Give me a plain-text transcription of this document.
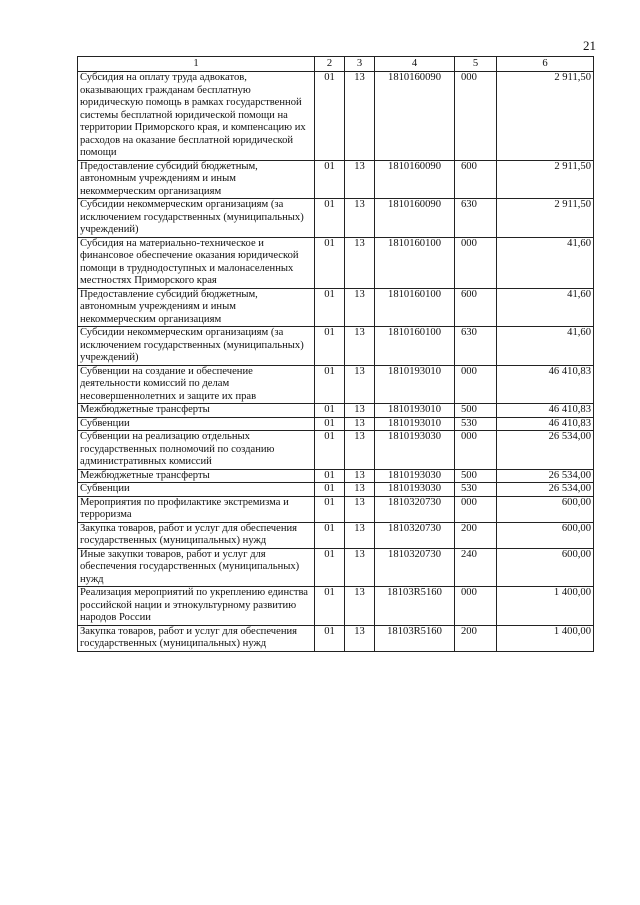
21
1	2	3	4	5	6
Субсидия на оплату труда адвокатов, оказывающих гражданам бесплатную юридическую помощь в рамках государственной системы бесплатной юридической помощи на территории Приморского края, и компенсацию их расходов на оказание бесплатной юридической помощи	01	13	1810160090	000	2 911,50
Предоставление субсидий бюджетным, автономным учреждениям и иным некоммерческим организациям	01	13	1810160090	600	2 911,50
Субсидии некоммерческим организациям (за исключением государственных (муниципальных) учреждений)	01	13	1810160090	630	2 911,50
Субсидия на материально-техническое и финансовое обеспечение оказания юридической помощи в труднодоступных и малонаселенных местностях Приморского края	01	13	1810160100	000	41,60
Предоставление субсидий бюджетным, автономным учреждениям и иным некоммерческим организациям	01	13	1810160100	600	41,60
Субсидии некоммерческим организациям (за исключением государственных (муниципальных) учреждений)	01	13	1810160100	630	41,60
Субвенции на создание и обеспечение деятельности комиссий по делам несовершеннолетних и защите их прав	01	13	1810193010	000	46 410,83
Межбюджетные трансферты	01	13	1810193010	500	46 410,83
Субвенции	01	13	1810193010	530	46 410,83
Субвенции на реализацию отдельных государственных полномочий по созданию административных комиссий	01	13	1810193030	000	26 534,00
Межбюджетные трансферты	01	13	1810193030	500	26 534,00
Субвенции	01	13	1810193030	530	26 534,00
Мероприятия по профилактике экстремизма и терроризма	01	13	1810320730	000	600,00
Закупка товаров, работ и услуг для обеспечения государственных (муниципальных) нужд	01	13	1810320730	200	600,00
Иные закупки товаров, работ и услуг для обеспечения государственных (муниципальных) нужд	01	13	1810320730	240	600,00
Реализация мероприятий по укреплению единства российской нации и этнокультурному развитию народов России	01	13	18103R5160	000	1 400,00
Закупка товаров, работ и услуг для обеспечения государственных (муниципальных) нужд	01	13	18103R5160	200	1 400,00
